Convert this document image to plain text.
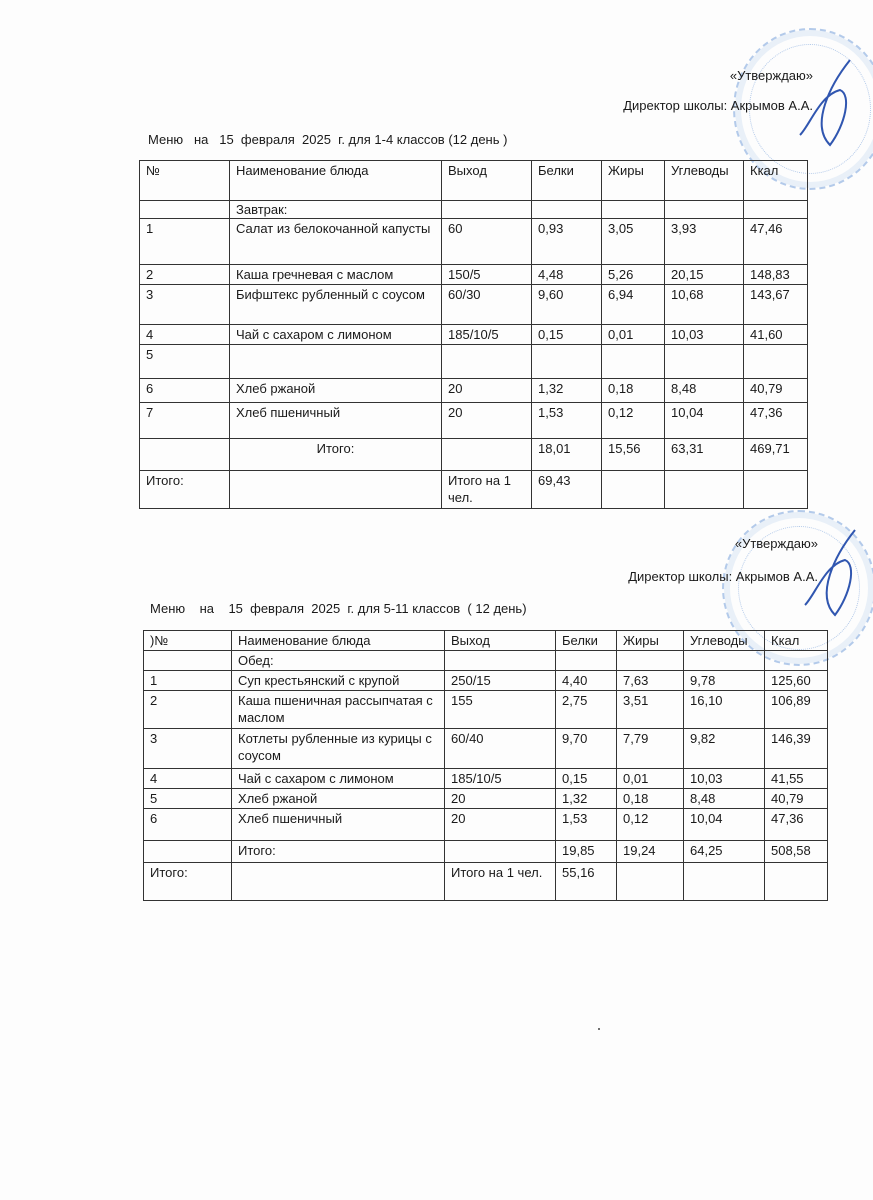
«Утверждаю»
Директор школы: Акрымов А.А.
Меню   на   15  февраля  2025  г. для 1-4 классов (12 день )
№	Наименование блюда	Выход	Белки	Жиры	Углеводы	Ккал
	Завтрак:					
1	Салат из белокочанной капусты	60	0,93	3,05	3,93	47,46
2	Каша гречневая с маслом	150/5	4,48	5,26	20,15	148,83
3	Бифштекс рубленный с соусом	60/30	9,60	6,94	10,68	143,67
4	Чай с сахаром с лимоном	185/10/5	0,15	0,01	10,03	41,60
5						
6	Хлеб ржаной	20	1,32	0,18	8,48	40,79
7	Хлеб пшеничный	20	1,53	0,12	10,04	47,36
	Итого:		18,01	15,56	63,31	469,71
Итого:		Итого на 1 чел.	69,43			
«Утверждаю»
Директор школы: Акрымов А.А.
Меню    на    15  февраля  2025  г. для 5-11 классов  ( 12 день)
)№	Наименование блюда	Выход	Белки	Жиры	Углеводы	Ккал
	Обед:					
1	Суп крестьянский с крупой	250/15	4,40	7,63	9,78	125,60
2	Каша пшеничная рассыпчатая с маслом	155	2,75	3,51	16,10	106,89
3	Котлеты рубленные из курицы с соусом	60/40	9,70	7,79	9,82	146,39
4	Чай с сахаром с лимоном	185/10/5	0,15	0,01	10,03	41,55
5	Хлеб ржаной	20	1,32	0,18	8,48	40,79
6	Хлеб пшеничный	20	1,53	0,12	10,04	47,36
	Итого:		19,85	19,24	64,25	508,58
Итого:		Итого на 1 чел.	55,16			
